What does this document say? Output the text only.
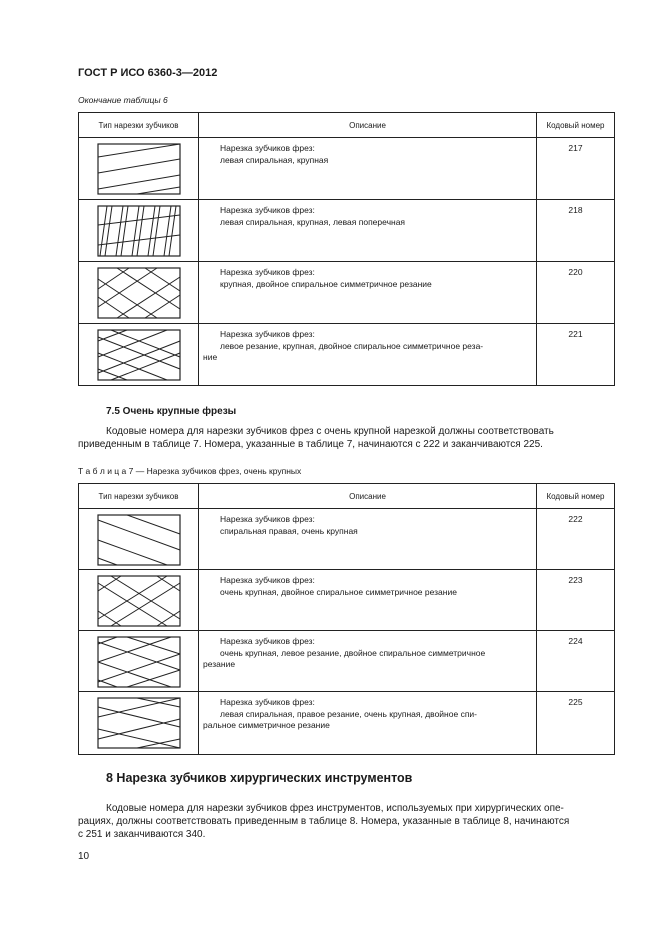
ГОСТ Р ИСО 6360-3—2012
Окончание таблицы 6
Тип нарезки зубчиков	Описание	Кодовый номер

Нарезка зубчиков фрез:
левая спиральная, крупная	217

Нарезка зубчиков фрез:
левая спиральная, крупная, левая поперечная	218

Нарезка зубчиков фрез:
крупная, двойное спиральное симметричное резание	220

Нарезка зубчиков фрез:
левое резание, крупная, двойное спиральное симметричное реза-
ние	221
7.5 Очень крупные фрезы
Кодовые номера для нарезки зубчиков фрез с очень крупной нарезкой должны соответствовать
приведенным в таблице 7. Номера, указанные в таблице 7, начинаются с 222 и заканчиваются 225.
Т а б л и ц а 7 — Нарезка зубчиков фрез, очень крупных
Тип нарезки зубчиков	Описание	Кодовый номер

Нарезка зубчиков фрез:
спиральная правая, очень крупная	222

Нарезка зубчиков фрез:
очень крупная, двойное спиральное симметричное резание	223

Нарезка зубчиков фрез:
очень крупная, левое резание, двойное спиральное симметричное
резание	224

Нарезка зубчиков фрез:
левая спиральная, правое резание, очень крупная, двойное спи-
ральное симметричное резание	225
8 Нарезка зубчиков хирургических инструментов
Кодовые номера для нарезки зубчиков фрез инструментов, используемых при хирургических опе-
рациях, должны соответствовать приведенным в таблице 8. Номера, указанные в таблице 8, начинаются
с 251 и заканчиваются 340.
10
